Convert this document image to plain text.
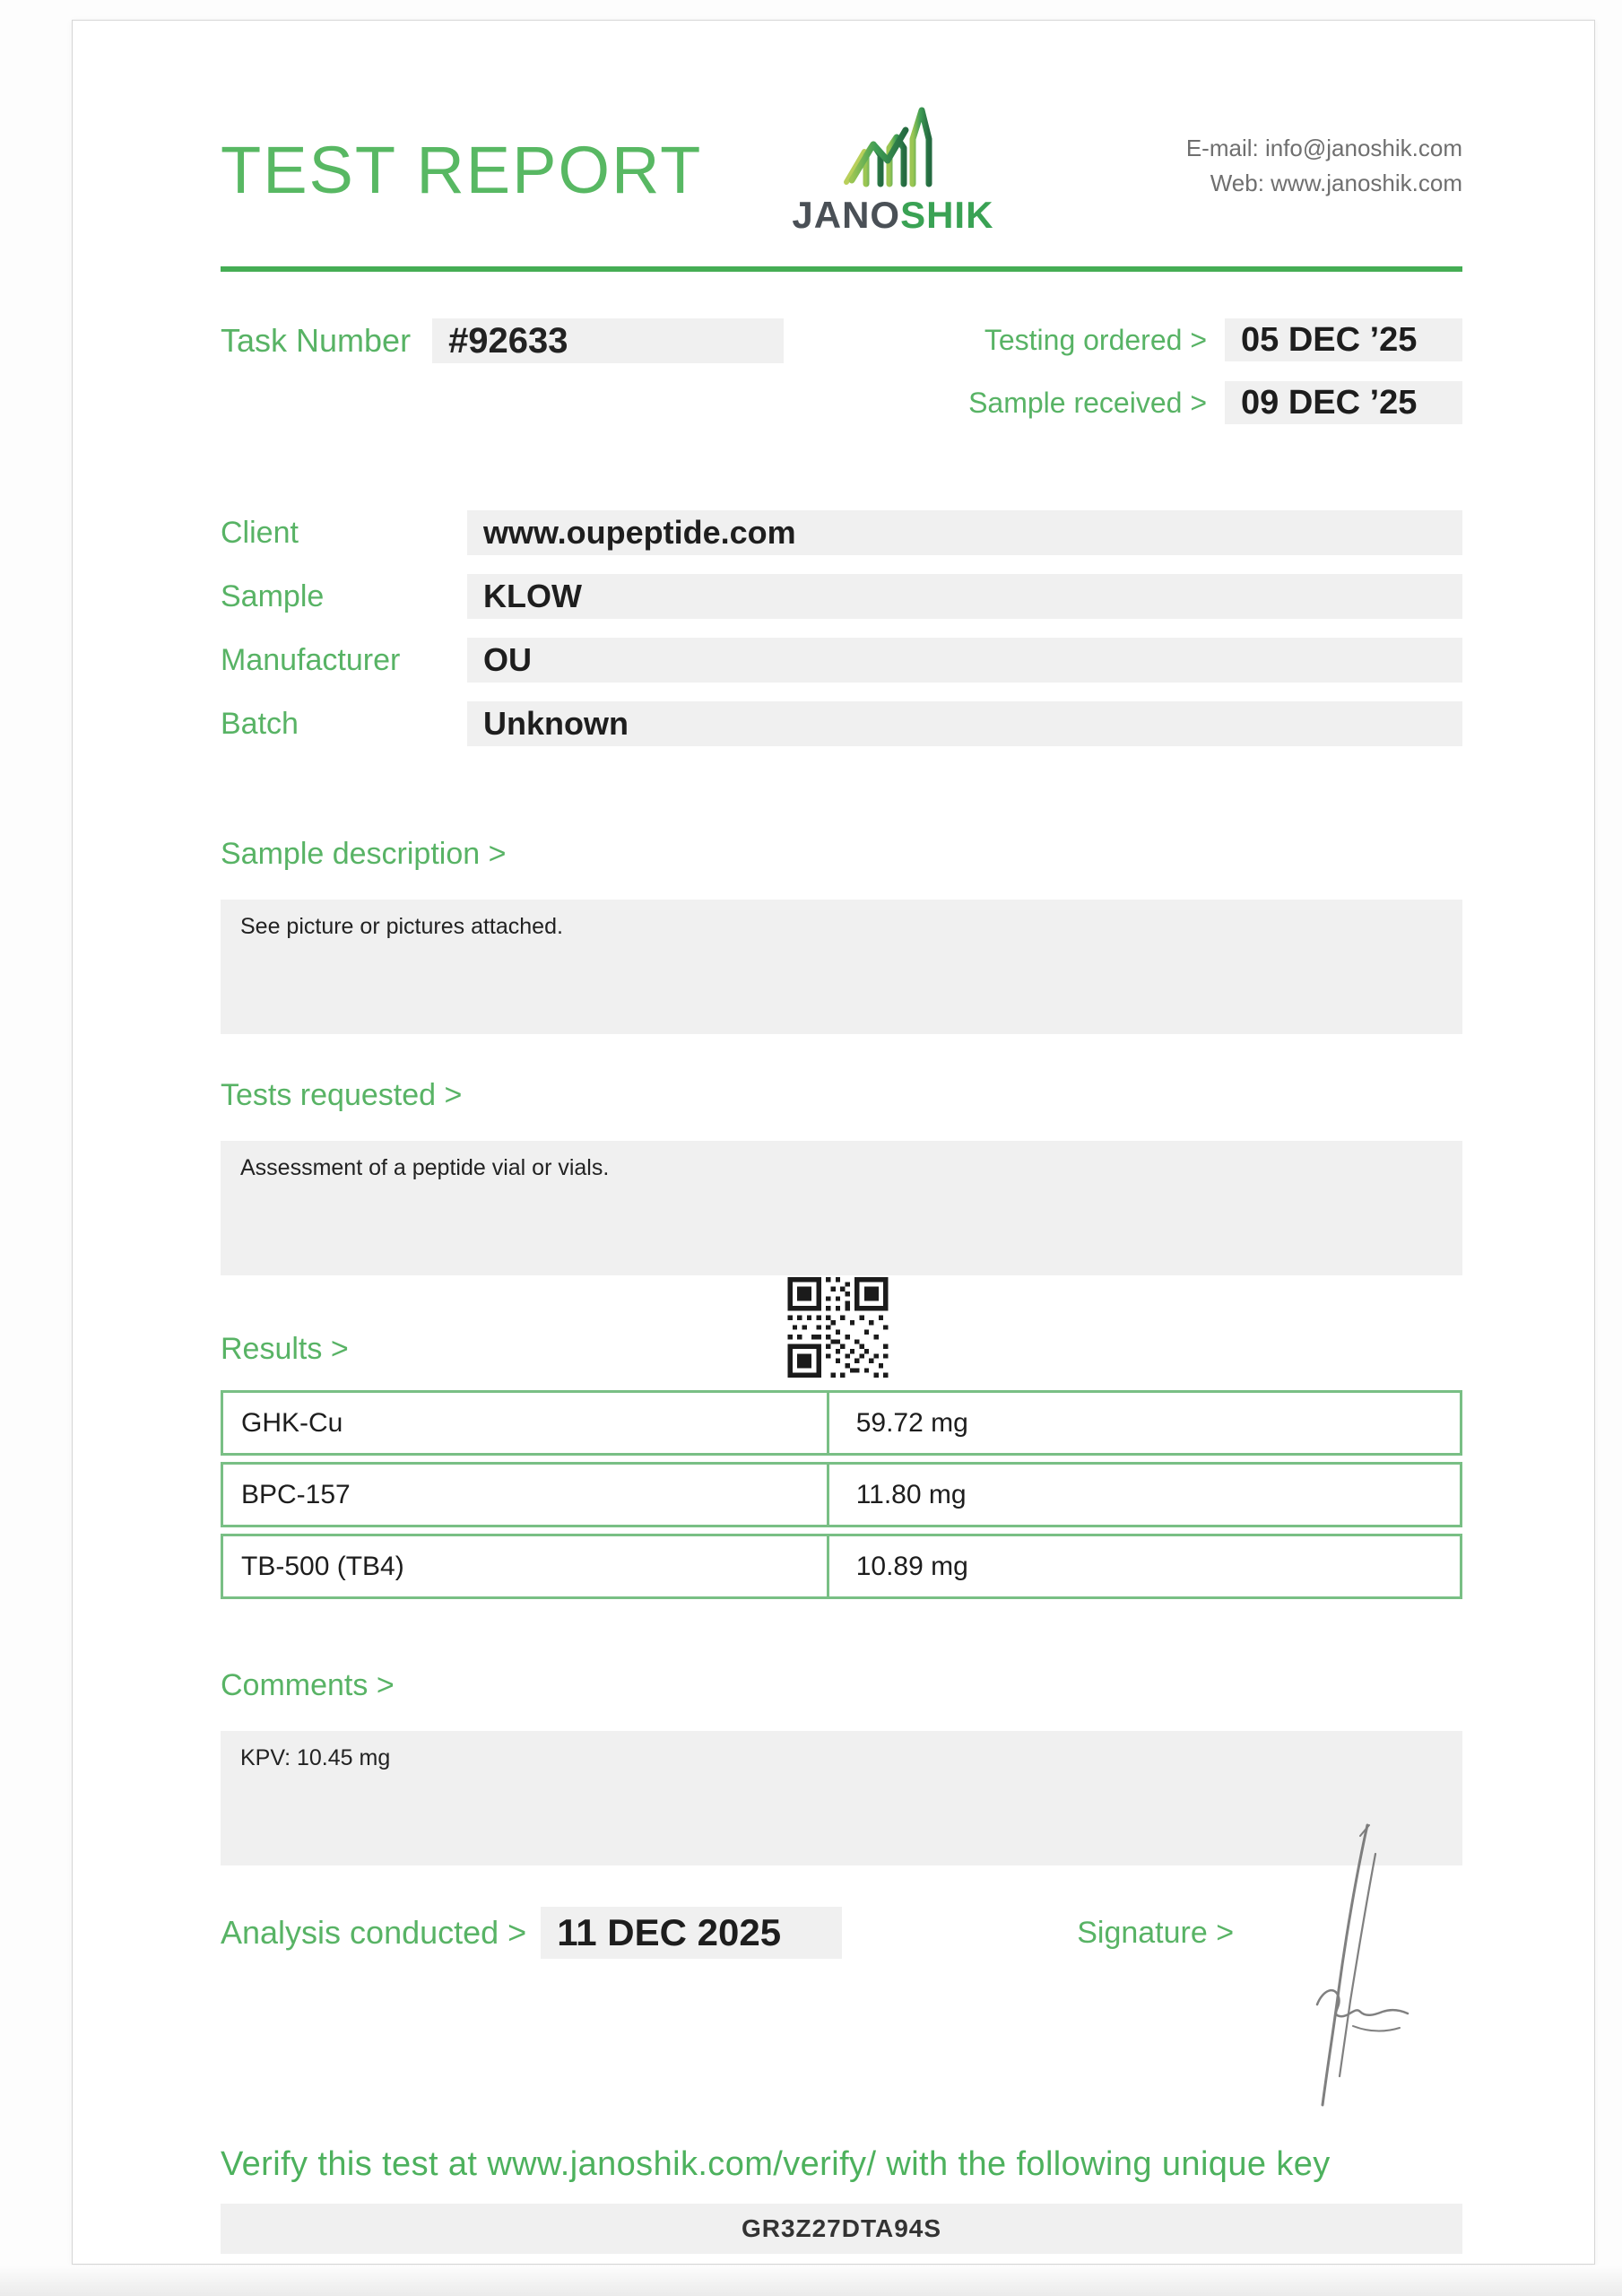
TEST REPORT
JANOSHIK
E-mail: info@janoshik.com
Web: www.janoshik.com
Task Number #92633	Testing ordered > 05 DEC ’25
Sample received > 09 DEC ’25
Client	www.oupeptide.com
Sample	KLOW
Manufacturer	OU
Batch	Unknown
Sample description >
See picture or pictures attached.
Tests requested >
Assessment of a peptide vial or vials.
Results >
GHK-Cu	59.72 mg
BPC-157	11.80 mg
TB-500 (TB4)	10.89 mg
Comments >
KPV: 10.45 mg
Analysis conducted > 11 DEC 2025	Signature >
Verify this test at www.janoshik.com/verify/ with the following unique key
GR3Z27DTA94S
